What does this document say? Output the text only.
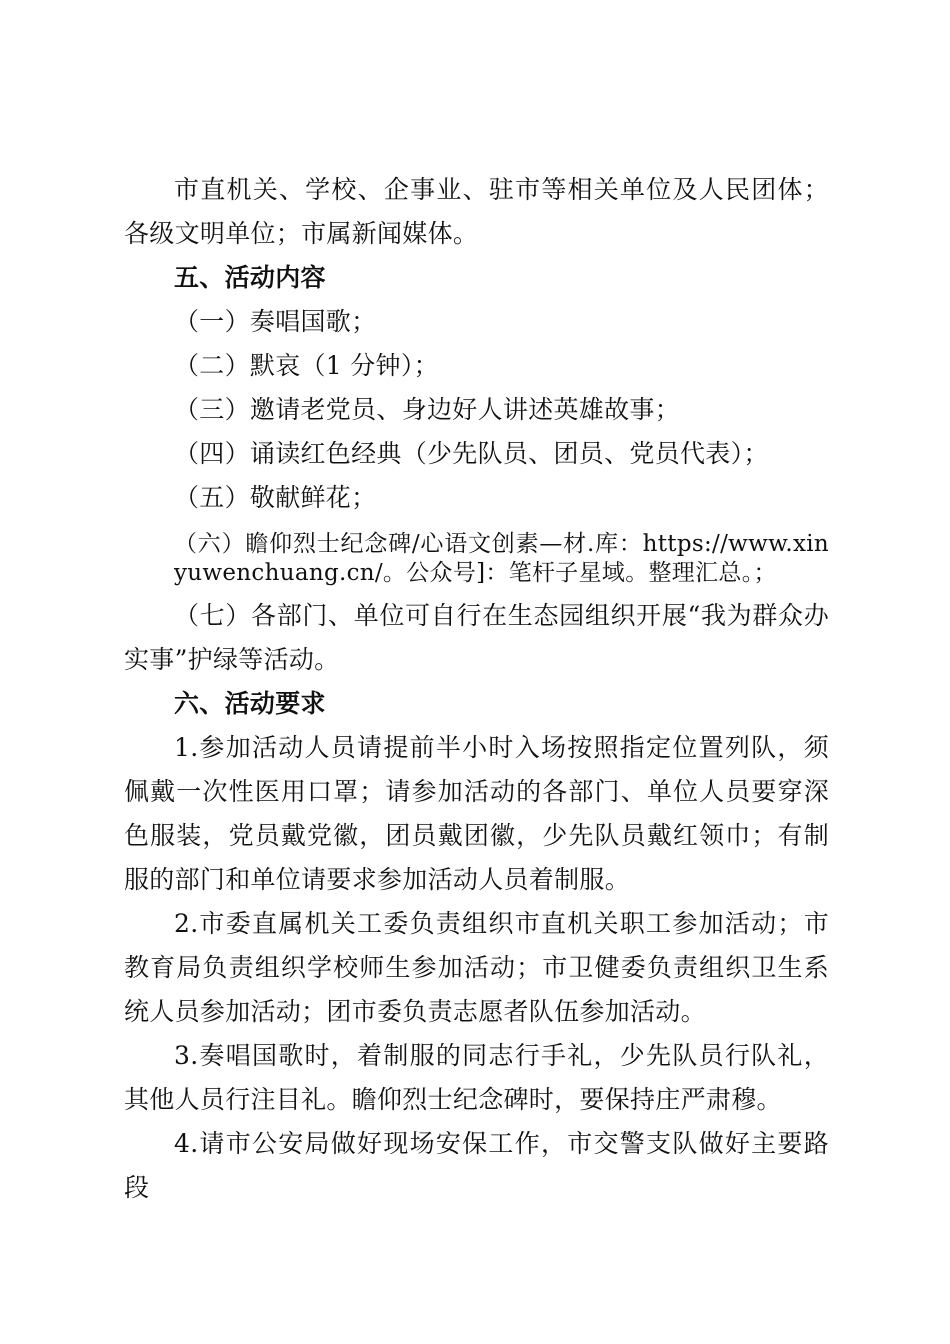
市直机关、学校、企事业、驻市等相关单位及人民团体；各级文明单位；市属新闻媒体。

五、活动内容

（一）奏唱国歌；

（二）默哀（1 分钟）；

（三）邀请老党员、身边好人讲述英雄故事；

（四）诵读红色经典（少先队员、团员、党员代表）；

（五）敬献鲜花；

（六）瞻仰烈士纪念碑/心语文创素—材.库：https://www.xinyuwenchuang.cn/。公众号]：笔杆子星域。整理汇总。；

（七）各部门、单位可自行在生态园组织开展“我为群众办实事”护绿等活动。

六、活动要求

1.参加活动人员请提前半小时入场按照指定位置列队，须佩戴一次性医用口罩；请参加活动的各部门、单位人员要穿深色服装，党员戴党徽，团员戴团徽，少先队员戴红领巾；有制服的部门和单位请要求参加活动人员着制服。

2.市委直属机关工委负责组织市直机关职工参加活动；市教育局负责组织学校师生参加活动；市卫健委负责组织卫生系统人员参加活动；团市委负责志愿者队伍参加活动。

3.奏唱国歌时，着制服的同志行手礼，少先队员行队礼，其他人员行注目礼。瞻仰烈士纪念碑时，要保持庄严肃穆。

4.请市公安局做好现场安保工作，市交警支队做好主要路段
